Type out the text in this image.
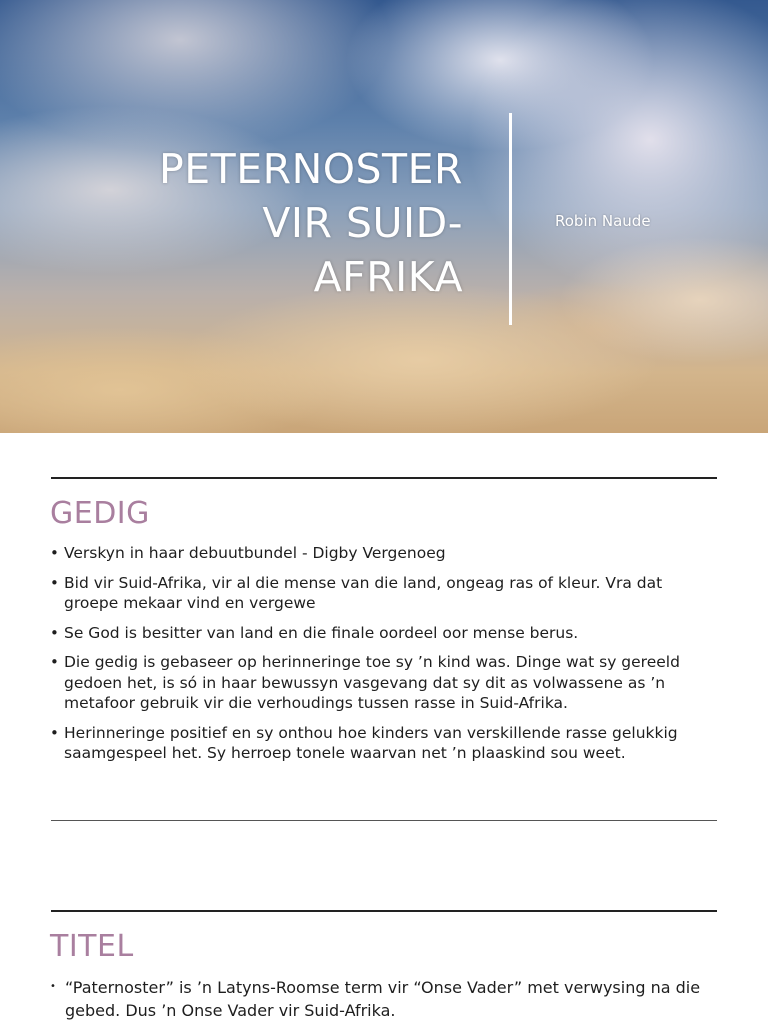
PETERNOSTER
VIR SUID-
AFRIKA
Robin Naude
GEDIG
• Verskyn in haar debuutbundel - Digby Vergenoeg
• Bid vir Suid-Afrika, vir al die mense van die land, ongeag ras of kleur. Vra dat groepe mekaar vind en vergewe
• Se God is besitter van land en die finale oordeel oor mense berus.
• Die gedig is gebaseer op herinneringe toe sy ’n kind was. Dinge wat sy gereeld gedoen het, is só in haar bewussyn vasgevang dat sy dit as volwassene as ’n metafoor gebruik vir die verhoudings tussen rasse in Suid-Afrika.
• Herinneringe positief en sy onthou hoe kinders van verskillende rasse gelukkig saamgespeel het. Sy herroep tonele waarvan net ’n plaaskind sou weet.
TITEL
• “Paternoster” is ’n Latyns-Roomse term vir “Onse Vader” met verwysing na die gebed. Dus ’n Onse Vader vir Suid-Afrika.
